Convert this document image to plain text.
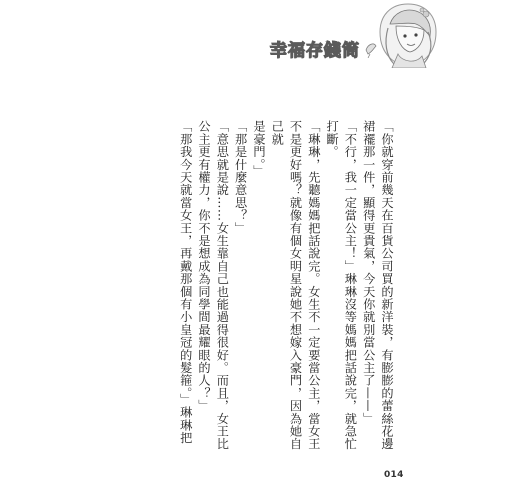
幸福存錢筒
「你就穿前幾天在百貨公司買的新洋裝，有膨膨的蕾絲花邊
裙襬那一件，顯得更貴氣，今天你就別當公主了——」
「不行，我一定當公主！」琳琳沒等媽媽把話說完，就急忙
打斷。
「琳琳，先聽媽媽把話說完。女生不一定要當公主，當女王
不是更好嗎？就像有個女明星說她不想嫁入豪門，因為她自己就
是豪門。」
「那是什麼意思？」
「意思就是說……女生靠自己也能過得很好。而且，女王比
公主更有權力，你不是想成為同學間最耀眼的人？」
「那我今天就當女王，再戴那個有小皇冠的髮箍。」琳琳把
014
